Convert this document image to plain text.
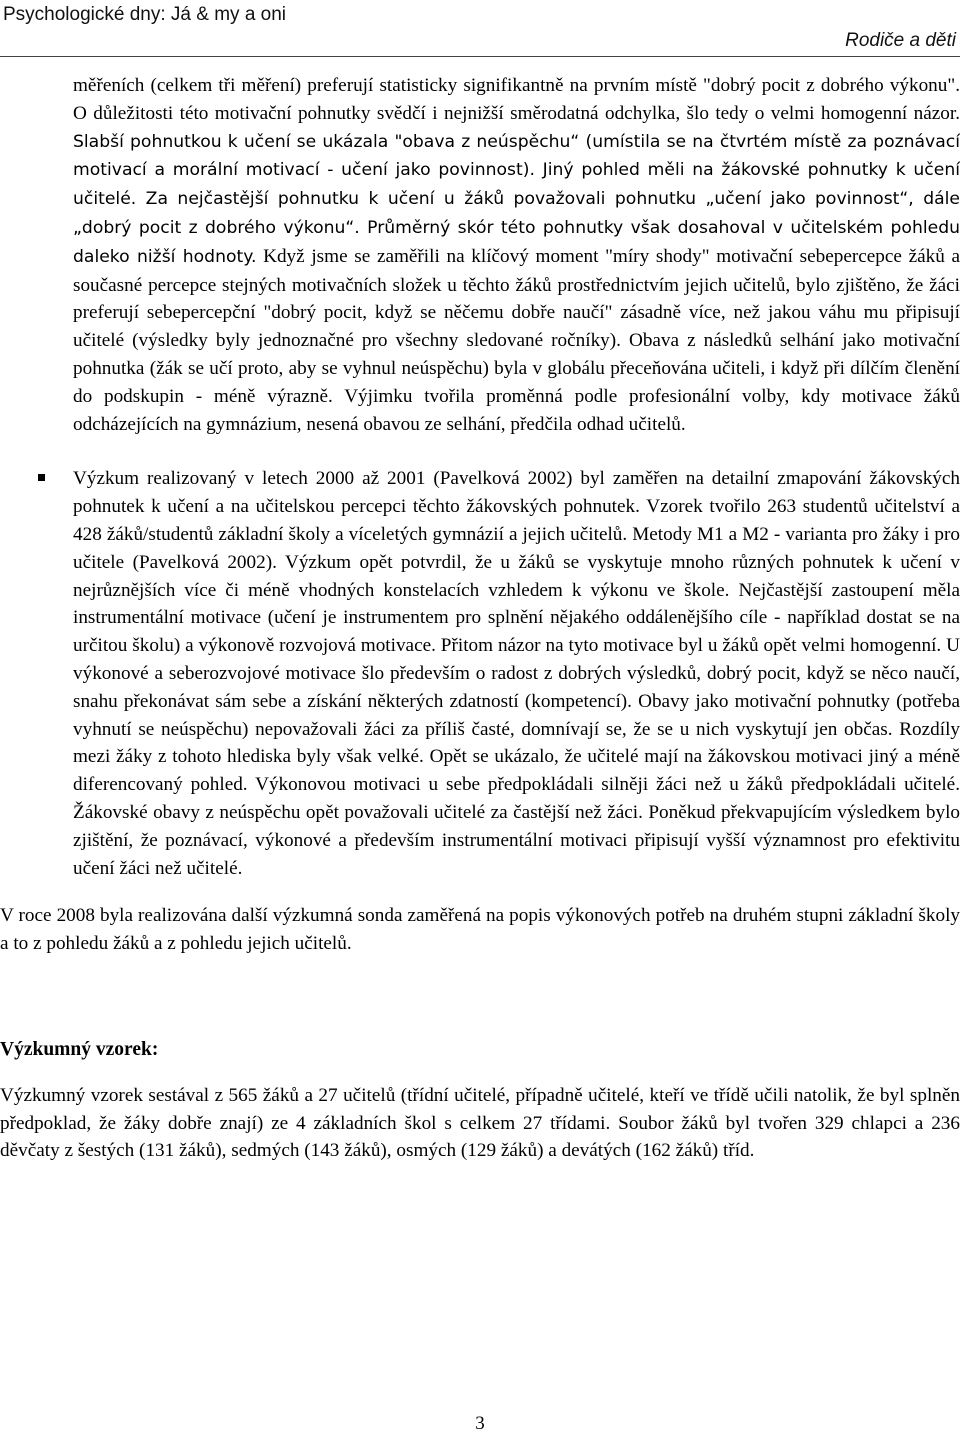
Psychologické dny: Já & my a oni
Rodiče a děti

měřeních (celkem tři měření) preferují statisticky signifikantně na prvním místě "dobrý pocit z dobrého výkonu". O důležitosti této motivační pohnutky svědčí i nejnižší směrodatná odchylka, šlo tedy o velmi homogenní názor. Slabší pohnutkou k učení se ukázala "obava z neúspěchu“ (umístila se na čtvrtém místě za poznávací motivací a morální motivací - učení jako povinnost). Jiný pohled měli na žákovské pohnutky k učení učitelé. Za nejčastější pohnutku k učení u žáků považovali pohnutku „učení jako povinnost“, dále „dobrý pocit z dobrého výkonu“. Průměrný skór této pohnutky však dosahoval v učitelském pohledu daleko nižší hodnoty. Když jsme se zaměřili na klíčový moment "míry shody" motivační sebepercepce žáků a současné percepce stejných motivačních složek u těchto žáků prostřednictvím jejich učitelů, bylo zjištěno, že žáci preferují sebepercepční "dobrý pocit, když se něčemu dobře naučí" zásadně více, než jakou váhu mu připisují učitelé (výsledky byly jednoznačné pro všechny sledované ročníky). Obava z následků selhání jako motivační pohnutka (žák se učí proto, aby se vyhnul neúspěchu) byla v globálu přeceňována učiteli, i když při dílčím členění do podskupin - méně výrazně. Výjimku tvořila proměnná podle profesionální volby, kdy motivace žáků odcházejících na gymnázium, nesená obavou ze selhání, předčila odhad učitelů.

Výzkum realizovaný v letech 2000 až 2001 (Pavelková 2002) byl zaměřen na detailní zmapování žákovských pohnutek k učení a na učitelskou percepci těchto žákovských pohnutek. Vzorek tvořilo 263 studentů učitelství a 428 žáků/studentů základní školy a víceletých gymnázií a jejich učitelů. Metody M1 a M2 - varianta pro žáky i pro učitele (Pavelková 2002). Výzkum opět potvrdil, že u žáků se vyskytuje mnoho různých pohnutek k učení v nejrůznějších více či méně vhodných konstelacích vzhledem k výkonu ve škole. Nejčastější zastoupení měla instrumentální motivace (učení je instrumentem pro splnění nějakého oddálenějšího cíle - například dostat se na určitou školu) a výkonově rozvojová motivace. Přitom názor na tyto motivace byl u žáků opět velmi homogenní. U výkonové a seberozvojové motivace šlo především o radost z dobrých výsledků, dobrý pocit, když se něco naučí, snahu překonávat sám sebe a získání některých zdatností (kompetencí). Obavy jako motivační pohnutky (potřeba vyhnutí se neúspěchu) nepovažovali žáci za příliš časté, domnívají se, že se u nich vyskytují jen občas. Rozdíly mezi žáky z tohoto hlediska byly však velké. Opět se ukázalo, že učitelé mají na žákovskou motivaci jiný a méně diferencovaný pohled. Výkonovou motivaci u sebe předpokládali silněji žáci než u žáků předpokládali učitelé. Žákovské obavy z neúspěchu opět považovali učitelé za častější než žáci. Poněkud překvapujícím výsledkem bylo zjištění, že poznávací, výkonové a především instrumentální motivaci připisují vyšší významnost pro efektivitu učení žáci než učitelé.

V roce 2008 byla realizována další výzkumná sonda zaměřená na popis výkonových potřeb na druhém stupni základní školy a to z pohledu žáků a z pohledu jejich učitelů.

Výzkumný vzorek:

Výzkumný vzorek sestával z 565 žáků a 27 učitelů (třídní učitelé, případně učitelé, kteří ve třídě učili natolik, že byl splněn předpoklad, že žáky dobře znají) ze 4 základních škol s celkem 27 třídami. Soubor žáků byl tvořen 329 chlapci a 236 děvčaty z šestých (131 žáků), sedmých (143 žáků), osmých (129 žáků) a devátých (162 žáků) tříd.

3
